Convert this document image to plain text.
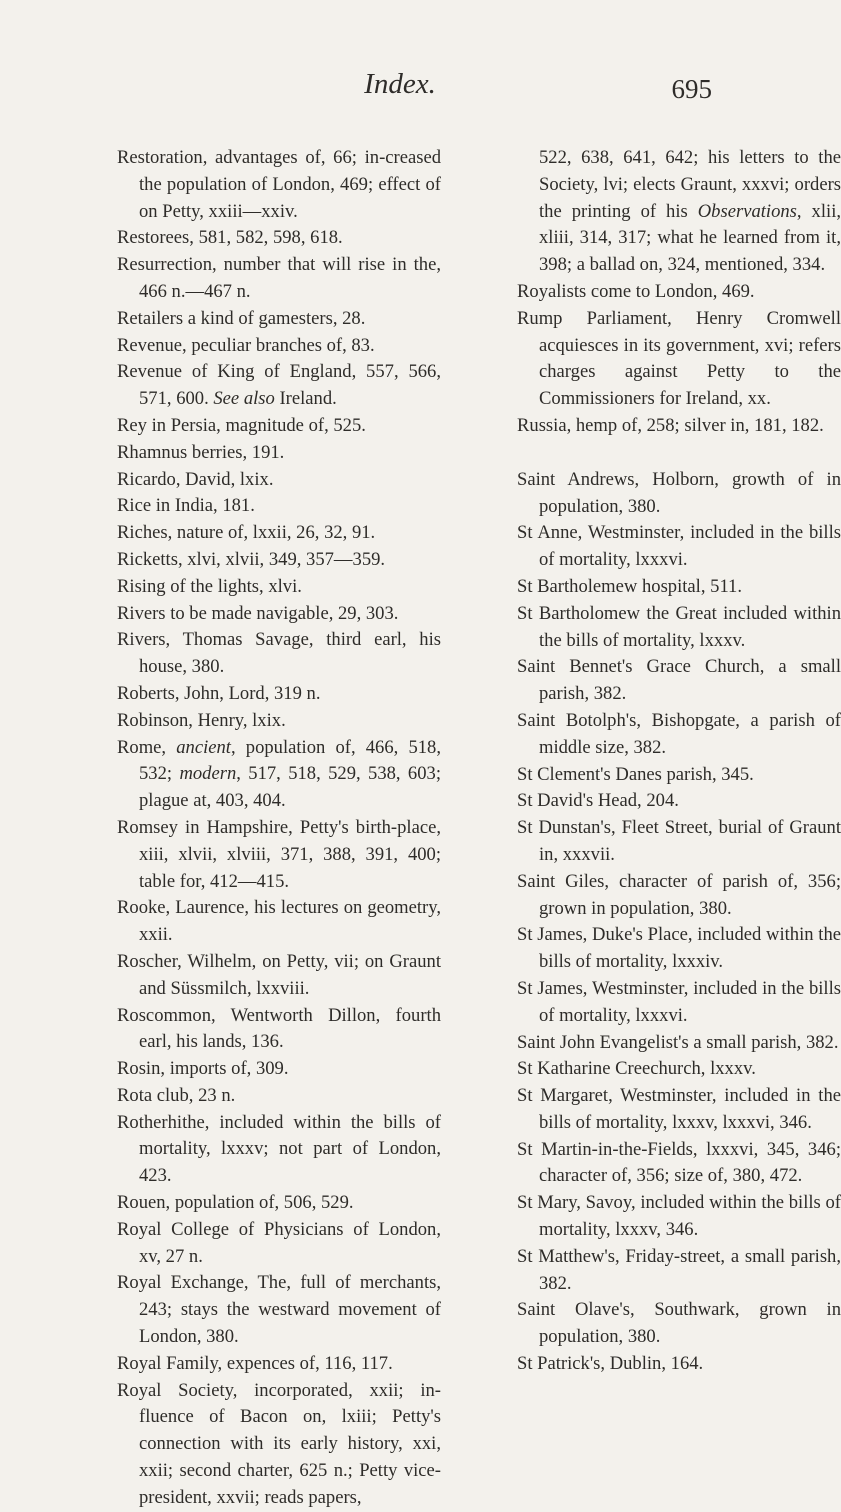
Index.	695

Restoration, advantages of, 66; in-creased the population of London, 469; effect of on Petty, xxiii—xxiv.

Restorees, 581, 582, 598, 618.

Resurrection, number that will rise in the, 466 n.—467 n.

Retailers a kind of gamesters, 28.

Revenue, peculiar branches of, 83.

Revenue of King of England, 557, 566, 571, 600. See also Ireland.

Rey in Persia, magnitude of, 525.

Rhamnus berries, 191.

Ricardo, David, lxix.

Rice in India, 181.

Riches, nature of, lxxii, 26, 32, 91.

Ricketts, xlvi, xlvii, 349, 357—359.

Rising of the lights, xlvi.

Rivers to be made navigable, 29, 303.

Rivers, Thomas Savage, third earl, his house, 380.

Roberts, John, Lord, 319 n.

Robinson, Henry, lxix.

Rome, ancient, population of, 466, 518, 532; modern, 517, 518, 529, 538, 603; plague at, 403, 404.

Romsey in Hampshire, Petty's birth-place, xiii, xlvii, xlviii, 371, 388, 391, 400; table for, 412—415.

Rooke, Laurence, his lectures on geometry, xxii.

Roscher, Wilhelm, on Petty, vii; on Graunt and Süssmilch, lxxviii.

Roscommon, Wentworth Dillon, fourth earl, his lands, 136.

Rosin, imports of, 309.

Rota club, 23 n.

Rotherhithe, included within the bills of mortality, lxxxv; not part of London, 423.

Rouen, population of, 506, 529.

Royal College of Physicians of London, xv, 27 n.

Royal Exchange, The, full of merchants, 243; stays the westward movement of London, 380.

Royal Family, expences of, 116, 117.

Royal Society, incorporated, xxii; in-fluence of Bacon on, lxiii; Petty's connection with its early history, xxi, xxii; second charter, 625 n.; Petty vice-president, xxvii; reads papers,

522, 638, 641, 642; his letters to the Society, lvi; elects Graunt, xxxvi; orders the printing of his Observations, xlii, xliii, 314, 317; what he learned from it, 398; a ballad on, 324, mentioned, 334.

Royalists come to London, 469.

Rump Parliament, Henry Cromwell acquiesces in its government, xvi; refers charges against Petty to the Commissioners for Ireland, xx.

Russia, hemp of, 258; silver in, 181, 182.

Saint Andrews, Holborn, growth of in population, 380.

St Anne, Westminster, included in the bills of mortality, lxxxvi.

St Bartholemew hospital, 511.

St Bartholomew the Great included within the bills of mortality, lxxxv.

Saint Bennet's Grace Church, a small parish, 382.

Saint Botolph's, Bishopgate, a parish of middle size, 382.

St Clement's Danes parish, 345.

St David's Head, 204.

St Dunstan's, Fleet Street, burial of Graunt in, xxxvii.

Saint Giles, character of parish of, 356; grown in population, 380.

St James, Duke's Place, included within the bills of mortality, lxxxiv.

St James, Westminster, included in the bills of mortality, lxxxvi.

Saint John Evangelist's a small parish, 382.

St Katharine Creechurch, lxxxv.

St Margaret, Westminster, included in the bills of mortality, lxxxv, lxxxvi, 346.

St Martin-in-the-Fields, lxxxvi, 345, 346; character of, 356; size of, 380, 472.

St Mary, Savoy, included within the bills of mortality, lxxxv, 346.

St Matthew's, Friday-street, a small parish, 382.

Saint Olave's, Southwark, grown in population, 380.

St Patrick's, Dublin, 164.
